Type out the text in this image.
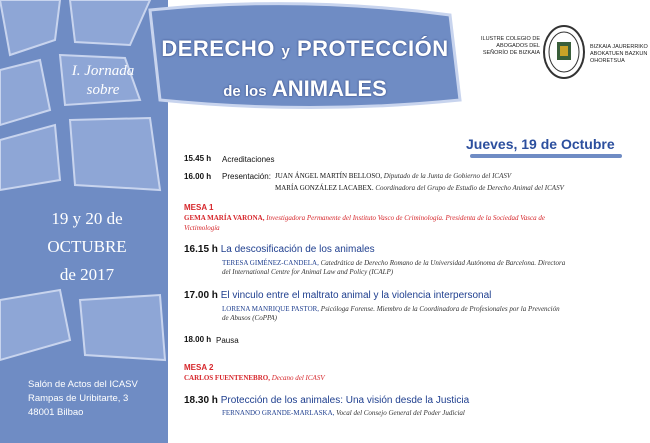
DERECHO y PROTECCIÓN
de los ANIMALES
I. Jornada
sobre
19 y 20 de
OCTUBRE
de 2017
Salón de Actos del ICASV
Rampas de Uribitarte, 3
48001 Bilbao
ILUSTRE COLEGIO DE
ABOGADOS DEL
SEÑORÍO DE BIZKAIA
BIZKAIA JAURERRIKO
ABOKATUEN BAZKUN
OHORETSUA
Jueves, 19 de Octubre
15.45 h Acreditaciones
16.00 h Presentación: JUAN ÁNGEL MARTÍN BELLOSO, Diputado de la Junta de Gobierno del ICASV
MARÍA GONZÁLEZ LACABEX. Coordinadora del Grupo de Estudio de Derecho Animal del ICASV
MESA 1
GEMA MARÍA VARONA, Investigadora Permanente del Instituto Vasco de Criminología. Presidenta de la Sociedad Vasca de
Victimología
16.15 h La descosificación de los animales
TERESA GIMÉNEZ-CANDELA, Catedrática de Derecho Romano de la Universidad Autónoma de Barcelona. Directora
del International Centre for Animal Law and Policy (ICALP)
17.00 h El vinculo entre el maltrato animal y la violencia interpersonal
LORENA MANRIQUE PASTOR, Psicóloga Forense. Miembro de la Coordinadora de Profesionales por la Prevención
de Abusos (CoPPA)
18.00 h Pausa
MESA 2
CARLOS FUENTENEBRO, Decano del ICASV
18.30 h Protección de los animales: Una visión desde la Justicia
FERNANDO GRANDE-MARLASKA, Vocal del Consejo General del Poder Judicial
